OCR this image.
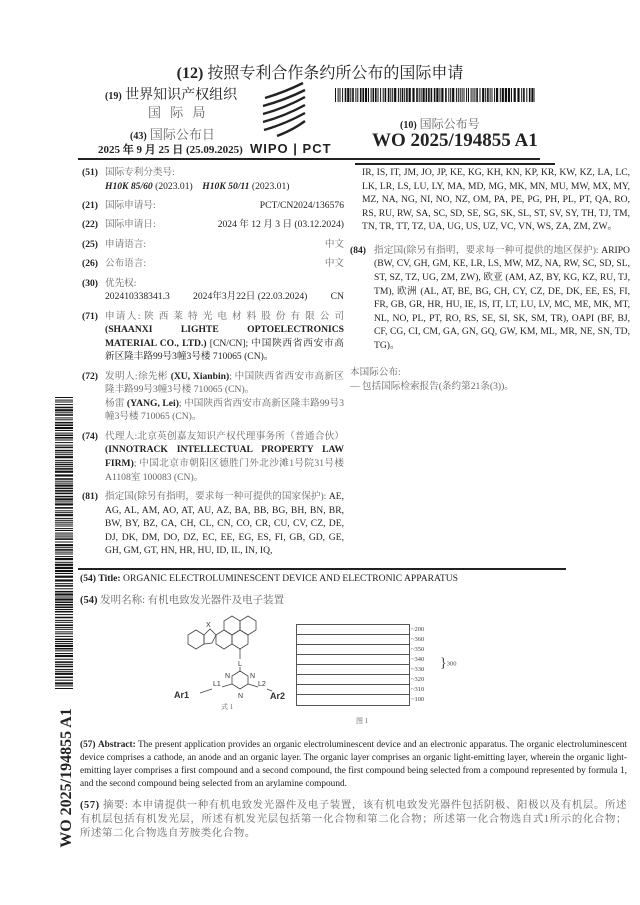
(12) 按照专利合作条约所公布的国际申请
(19) 世界知识产权组织
国 际 局
(43) 国际公布日
2025 年 9 月 25 日 (25.09.2025) WIPO | PCT
(10) 国际公布号
WO 2025/194855 A1
(51) 国际专利分类号:
H10K 85/60 (2023.01) H10K 50/11 (2023.01)
(21) 国际申请号:	PCT/CN2024/136576
(22) 国际申请日:	2024 年 12 月 3 日 (03.12.2024)
(25) 申请语言:	中文
(26) 公布语言:	中文
(30) 优先权:
202410338341.3 2024年3月22日 (22.03.2024) CN
(71) 申请人: 陕 西 莱 特 光 电 材 料 股 份 有 限 公 司 (SHAANXI LIGHTE OPTOELECTRONICS MATERIAL CO., LTD.) [CN/CN]; 中国陕西省西安市高新区隆丰路99号3幢3号楼 710065 (CN)。
(72) 发明人:徐先彬 (XU, Xianbin); 中国陕西省西安市高新区隆丰路99号3幢3号楼 710065 (CN)。
杨雷 (YANG, Lei); 中国陕西省西安市高新区隆丰路99号3幢3号楼 710065 (CN)。
(74) 代理人:北京英创嘉友知识产权代理事务所（普通合伙） (INNOTRACK INTELLECTUAL PROPERTY LAW FIRM); 中国北京市朝阳区德胜门外北沙滩1号院31号楼A1108室 100083 (CN)。
(81) 指定国(除另有指明，要求每一种可提供的国家保护): AE, AG, AL, AM, AO, AT, AU, AZ, BA, BB, BG, BH, BN, BR, BW, BY, BZ, CA, CH, CL, CN, CO, CR, CU, CV, CZ, DE, DJ, DK, DM, DO, DZ, EC, EE, EG, ES, FI, GB, GD, GE, GH, GM, GT, HN, HR, HU, ID, IL, IN, IQ,
IR, IS, IT, JM, JO, JP, KE, KG, KH, KN, KP, KR, KW, KZ, LA, LC, LK, LR, LS, LU, LY, MA, MD, MG, MK, MN, MU, MW, MX, MY, MZ, NA, NG, NI, NO, NZ, OM, PA, PE, PG, PH, PL, PT, QA, RO, RS, RU, RW, SA, SC, SD, SE, SG, SK, SL, ST, SV, SY, TH, TJ, TM, TN, TR, TT, TZ, UA, UG, US, UZ, VC, VN, WS, ZA, ZM, ZW。
(84) 指定国(除另有指明，要求每一种可提供的地区保护): ARIPO (BW, CV, GH, GM, KE, LR, LS, MW, MZ, NA, RW, SC, SD, SL, ST, SZ, TZ, UG, ZM, ZW), 欧亚 (AM, AZ, BY, KG, KZ, RU, TJ, TM), 欧洲 (AL, AT, BE, BG, CH, CY, CZ, DE, DK, EE, ES, FI, FR, GB, GR, HR, HU, IE, IS, IT, LT, LU, LV, MC, ME, MK, MT, NL, NO, PL, PT, RO, RS, SE, SI, SK, SM, TR), OAPI (BF, BJ, CF, CG, CI, CM, GA, GN, GQ, GW, KM, ML, MR, NE, SN, TD, TG)。
本国际公布:
— 包括国际检索报告(条约第21条(3))。
(54) Title: ORGANIC ELECTROLUMINESCENT DEVICE AND ELECTRONIC APPARATUS
(54) 发明名称: 有机电致发光器件及电子装置
X
L
N	N
N
L1	L2
Ar1	Ar2
式 1
~200
~360
~350
~340
~330
~320
~310
~100
}300
图 1
(57) Abstract: The present application provides an organic electroluminescent device and an electronic apparatus. The organic electroluminescent device comprises a cathode, an anode and an organic layer. The organic layer comprises an organic light-emitting layer, wherein the organic light-emitting layer comprises a first compound and a second compound, the first compound being selected from a compound represented by formula 1, and the second compound being selected from an arylamine compound.
(57) 摘要: 本申请提供一种有机电致发光器件及电子装置，该有机电致发光器件包括阴极、阳极以及有机层。所述有机层包括有机发光层，所述有机发光层包括第一化合物和第二化合物；所述第一化合物选自式1所示的化合物；所述第二化合物选自芳胺类化合物。
WO 2025/194855 A1
